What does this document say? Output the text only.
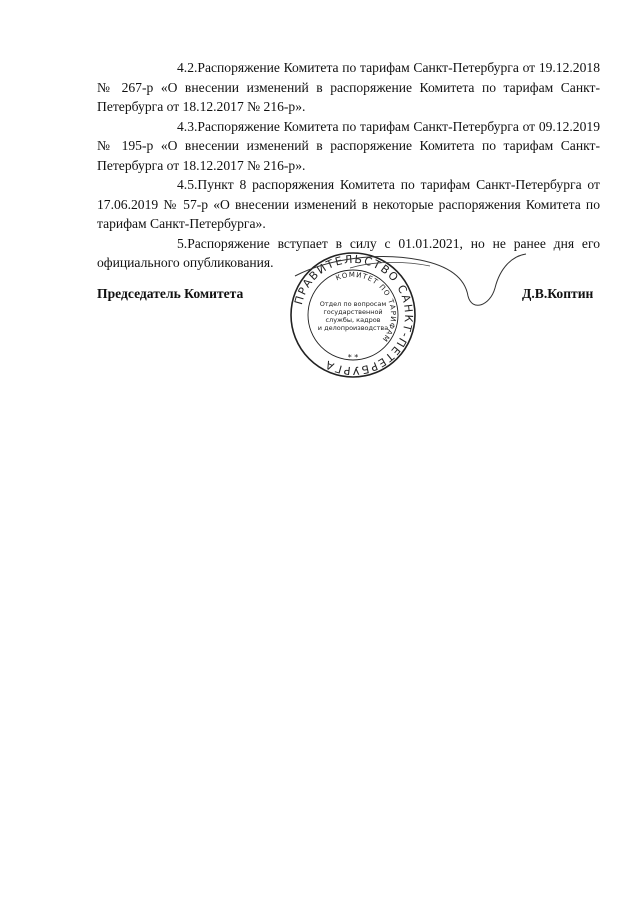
4.2.Распоряжение Комитета по тарифам Санкт-Петербурга от 19.12.2018 № 267-р «О внесении изменений в распоряжение Комитета по тарифам Санкт-Петербурга от 18.12.2017 № 216-р».

4.3.Распоряжение Комитета по тарифам Санкт-Петербурга от 09.12.2019 № 195-р «О внесении изменений в распоряжение Комитета по тарифам Санкт-Петербурга от 18.12.2017 № 216-р».

4.5.Пункт 8 распоряжения Комитета по тарифам Санкт-Петербурга от 17.06.2019 № 57-р «О внесении изменений в некоторые распоряжения Комитета по тарифам Санкт-Петербурга».

5.Распоряжение вступает в силу с 01.01.2021, но не ранее дня его официального опубликования.

Председатель Комитета	Д.В.Коптин
ПРАВИТЕЛЬСТВО САНКТ-ПЕТЕРБУРГА
КОМИТЕТ ПО ТАРИФАМ
Отдел по вопросам
государственной
службы, кадров
и делопроизводства
* *
